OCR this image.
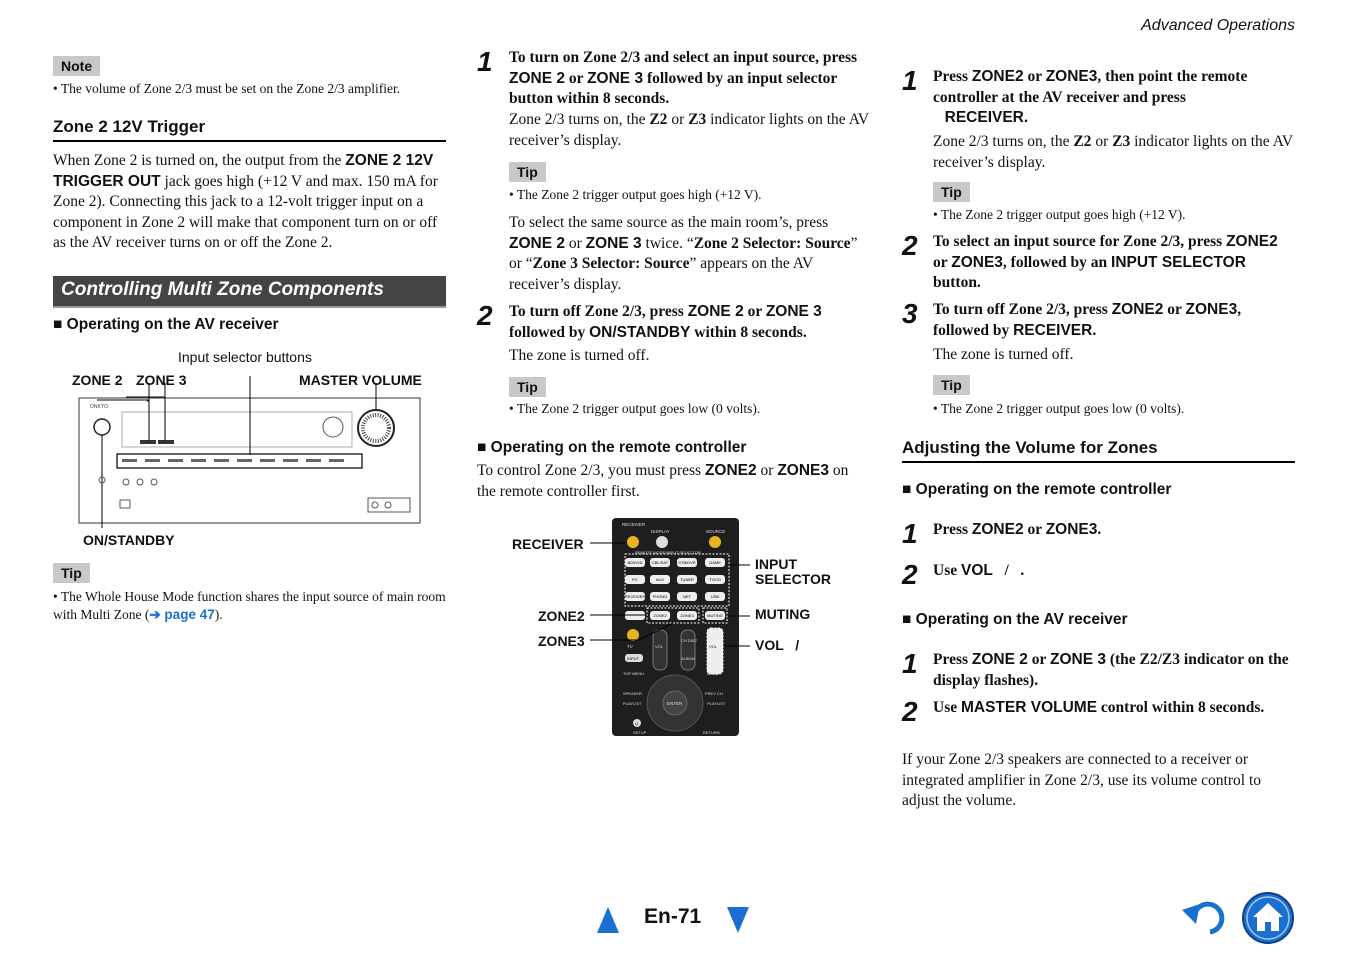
Advanced Operations
Note
• The volume of Zone 2/3 must be set on the Zone 2/3 amplifier.
Zone 2 12V Trigger
When Zone 2 is turned on, the output from the ZONE 2 12V TRIGGER OUT jack goes high (+12 V and max. 150 mA for Zone 2). Connecting this jack to a 12-volt trigger input on a component in Zone 2 will make that component turn on or off as the AV receiver turns on or off the Zone 2.
Controlling Multi Zone Components
■ Operating on the AV receiver
Input selector buttons
ZONE 2 ZONE 3	MASTER VOLUME
ONKYO
ON/STANDBY
Tip
• The Whole House Mode function shares the input source of main room with Multi Zone (➔ page 47).
1 To turn on Zone 2/3 and select an input source, press ZONE 2 or ZONE 3 followed by an input selector button within 8 seconds.
Zone 2/3 turns on, the Z2 or Z3 indicator lights on the AV receiver’s display.
Tip
• The Zone 2 trigger output goes high (+12 V).
To select the same source as the main room’s, press ZONE 2 or ZONE 3 twice. “Zone 2 Selector: Source” or “Zone 3 Selector: Source” appears on the AV receiver’s display.
2 To turn off Zone 2/3, press ZONE 2 or ZONE 3 followed by ON/STANDBY within 8 seconds.
The zone is turned off.
Tip
• The Zone 2 trigger output goes low (0 volts).
■ Operating on the remote controller
To control Zone 2/3, you must press ZONE2 or ZONE3 on the remote controller first.
RECEIVER
ZONE2
ZONE3
INPUT
SELECTOR
MUTING
VOL   /
RECEIVER
DISPLAY	SOURCE
REMOTE MODE/INPUT SELECTOR
BD/DVD CBL/SAT	STB/DVR	GAME
PC	AUX	TUNER	TV/CD
RECEIVER PHONO	NET	USB
ZONE2	ZONE3	MUTING
TV
INPUT
VOL
CH DISC
ALBUM
VOL
TOP MENU	MENU
ENTER
SPEAKER
PLAYLIST
PREV CH
PLAYLIST
Q
SETUP	RETURN
1 Press ZONE2 or ZONE3, then point the remote controller at the AV receiver and press
RECEIVER.
Zone 2/3 turns on, the Z2 or Z3 indicator lights on the AV receiver’s display.
Tip
• The Zone 2 trigger output goes high (+12 V).
2 To select an input source for Zone 2/3, press ZONE2 or ZONE3, followed by an INPUT SELECTOR button.
3 To turn off Zone 2/3, press ZONE2 or ZONE3,
followed by RECEIVER.
The zone is turned off.
Tip
• The Zone 2 trigger output goes low (0 volts).
Adjusting the Volume for Zones
■ Operating on the remote controller
1 Press ZONE2 or ZONE3.
2 Use VOL   /   .
■ Operating on the AV receiver
1 Press ZONE 2 or ZONE 3 (the Z2/Z3 indicator on the display flashes).
2 Use MASTER VOLUME control within 8 seconds.
If your Zone 2/3 speakers are connected to a receiver or integrated amplifier in Zone 2/3, use its volume control to adjust the volume.
En-71
